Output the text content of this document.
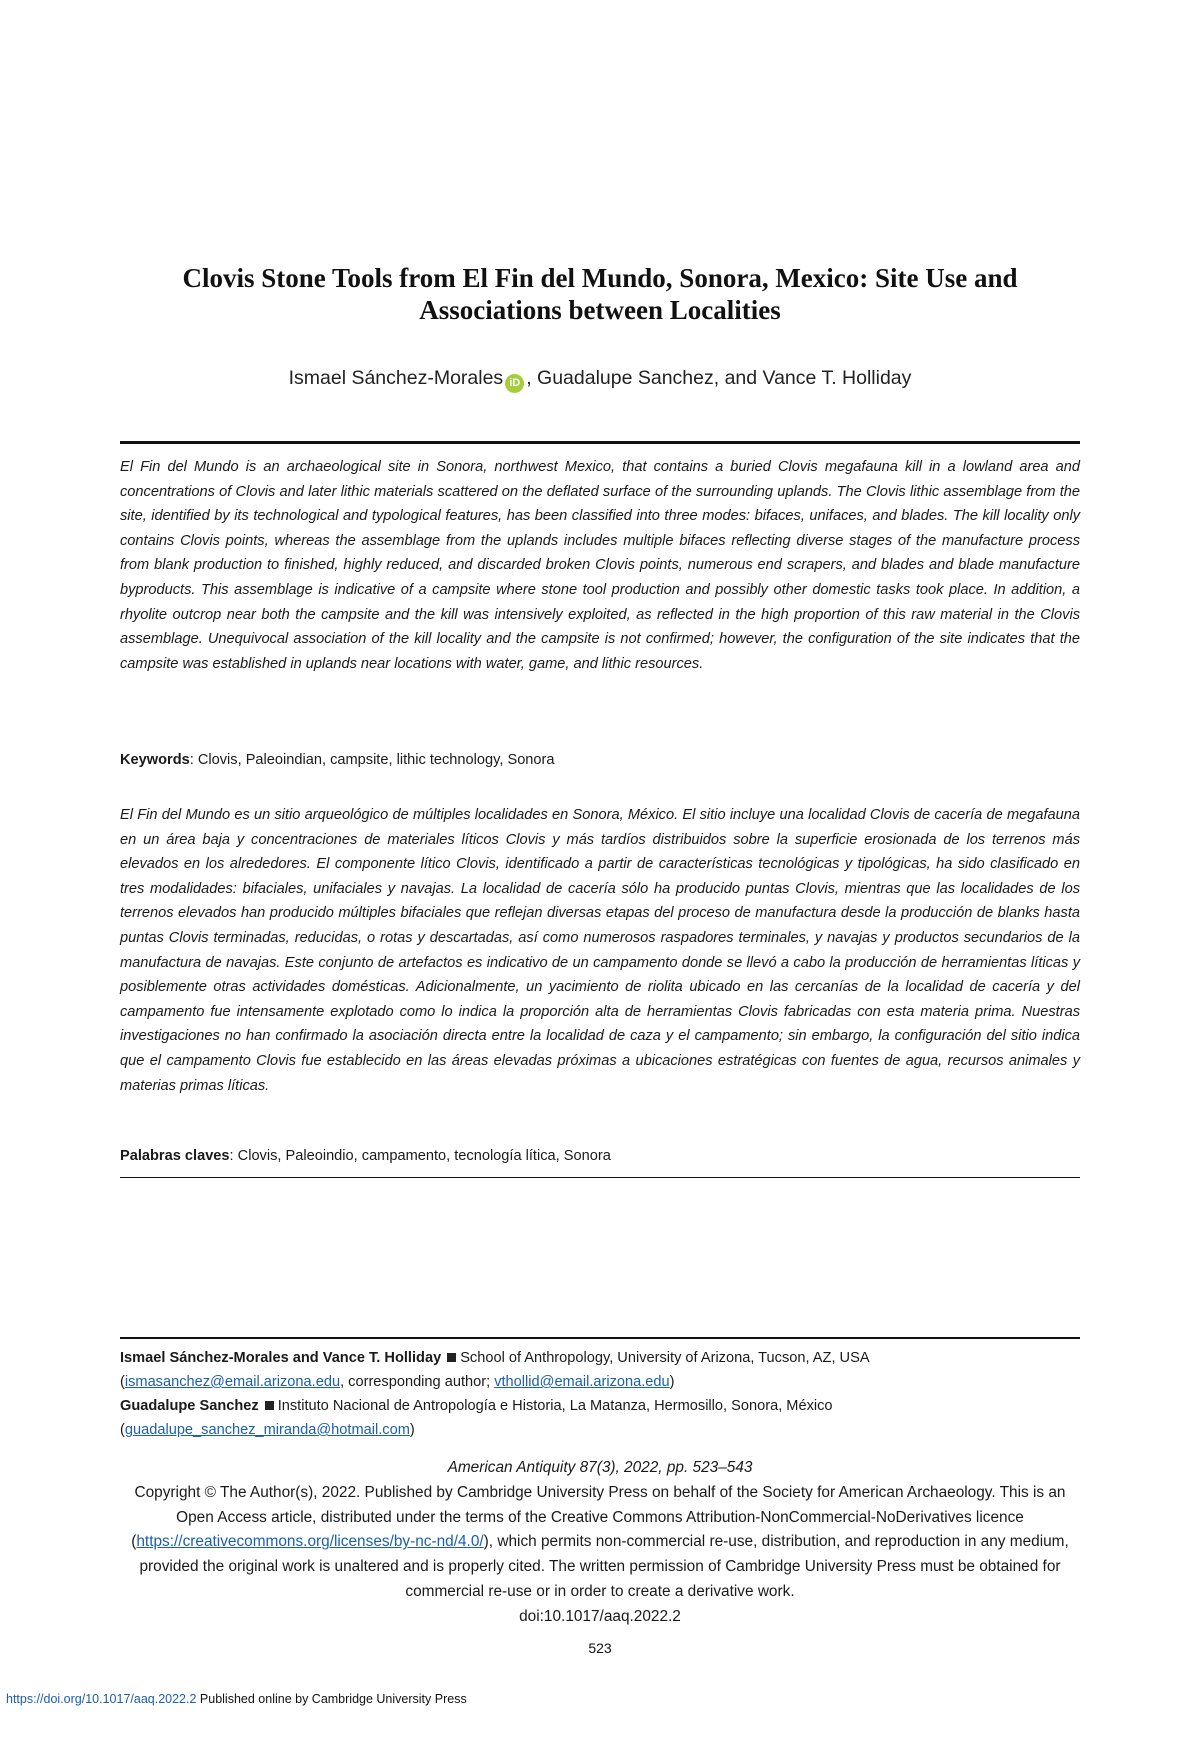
Clovis Stone Tools from El Fin del Mundo, Sonora, Mexico: Site Use and
Associations between Localities
Ismael Sánchez-Morales iD , Guadalupe Sanchez, and Vance T. Holliday

El Fin del Mundo is an archaeological site in Sonora, northwest Mexico, that contains a buried Clovis megafauna kill in a lowland area and concentrations of Clovis and later lithic materials scattered on the deflated surface of the surrounding uplands. The Clovis lithic assemblage from the site, identified by its technological and typological features, has been classified into three modes: bifaces, unifaces, and blades. The kill locality only contains Clovis points, whereas the assemblage from the uplands includes multiple bifaces reflecting diverse stages of the manufacture process from blank production to finished, highly reduced, and discarded broken Clovis points, numerous end scrapers, and blades and blade manufacture byproducts. This assemblage is indicative of a campsite where stone tool production and possibly other domestic tasks took place. In addition, a rhyolite outcrop near both the campsite and the kill was intensively exploited, as reflected in the high proportion of this raw material in the Clovis assemblage. Unequivocal association of the kill locality and the campsite is not confirmed; however, the configuration of the site indicates that the campsite was established in uplands near locations with water, game, and lithic resources.

Keywords: Clovis, Paleoindian, campsite, lithic technology, Sonora

El Fin del Mundo es un sitio arqueológico de múltiples localidades en Sonora, México. El sitio incluye una localidad Clovis de cacería de megafauna en un área baja y concentraciones de materiales líticos Clovis y más tardíos distribuidos sobre la superficie erosionada de los terrenos más elevados en los alrededores. El componente lítico Clovis, identificado a partir de características tecnológicas y tipológicas, ha sido clasificado en tres modalidades: bifaciales, unifaciales y navajas. La localidad de cacería sólo ha producido puntas Clovis, mientras que las localidades de los terrenos elevados han producido múltiples bifaciales que reflejan diversas etapas del proceso de manufactura desde la producción de blanks hasta puntas Clovis terminadas, reducidas, o rotas y descartadas, así como numerosos raspadores terminales, y navajas y productos secundarios de la manufactura de navajas. Este conjunto de artefactos es indicativo de un campamento donde se llevó a cabo la producción de herramientas líticas y posiblemente otras actividades domésticas. Adicionalmente, un yacimiento de riolita ubicado en las cercanías de la localidad de cacería y del campamento fue intensamente explotado como lo indica la proporción alta de herramientas Clovis fabricadas con esta materia prima. Nuestras investigaciones no han confirmado la asociación directa entre la localidad de caza y el campamento; sin embargo, la configuración del sitio indica que el campamento Clovis fue establecido en las áreas elevadas próximas a ubicaciones estratégicas con fuentes de agua, recursos animales y materias primas líticas.

Palabras claves: Clovis, Paleoindio, campamento, tecnología lítica, Sonora
Ismael Sánchez-Morales and Vance T. Holliday School of Anthropology, University of Arizona, Tucson, AZ, USA
(ismasanchez@email.arizona.edu, corresponding author; vthollid@email.arizona.edu)
Guadalupe Sanchez Instituto Nacional de Antropología e Historia, La Matanza, Hermosillo, Sonora, México
(guadalupe_sanchez_miranda@hotmail.com)
American Antiquity 87(3), 2022, pp. 523–543
Copyright © The Author(s), 2022. Published by Cambridge University Press on behalf of the Society for American Archaeology. This is an Open Access article, distributed under the terms of the Creative Commons Attribution-NonCommercial-NoDerivatives licence (https://creativecommons.org/licenses/by-nc-nd/4.0/), which permits non-commercial re-use, distribution, and reproduction in any medium, provided the original work is unaltered and is properly cited. The written permission of Cambridge University Press must be obtained for commercial re-use or in order to create a derivative work.
doi:10.1017/aaq.2022.2
523
https://doi.org/10.1017/aaq.2022.2 Published online by Cambridge University Press
